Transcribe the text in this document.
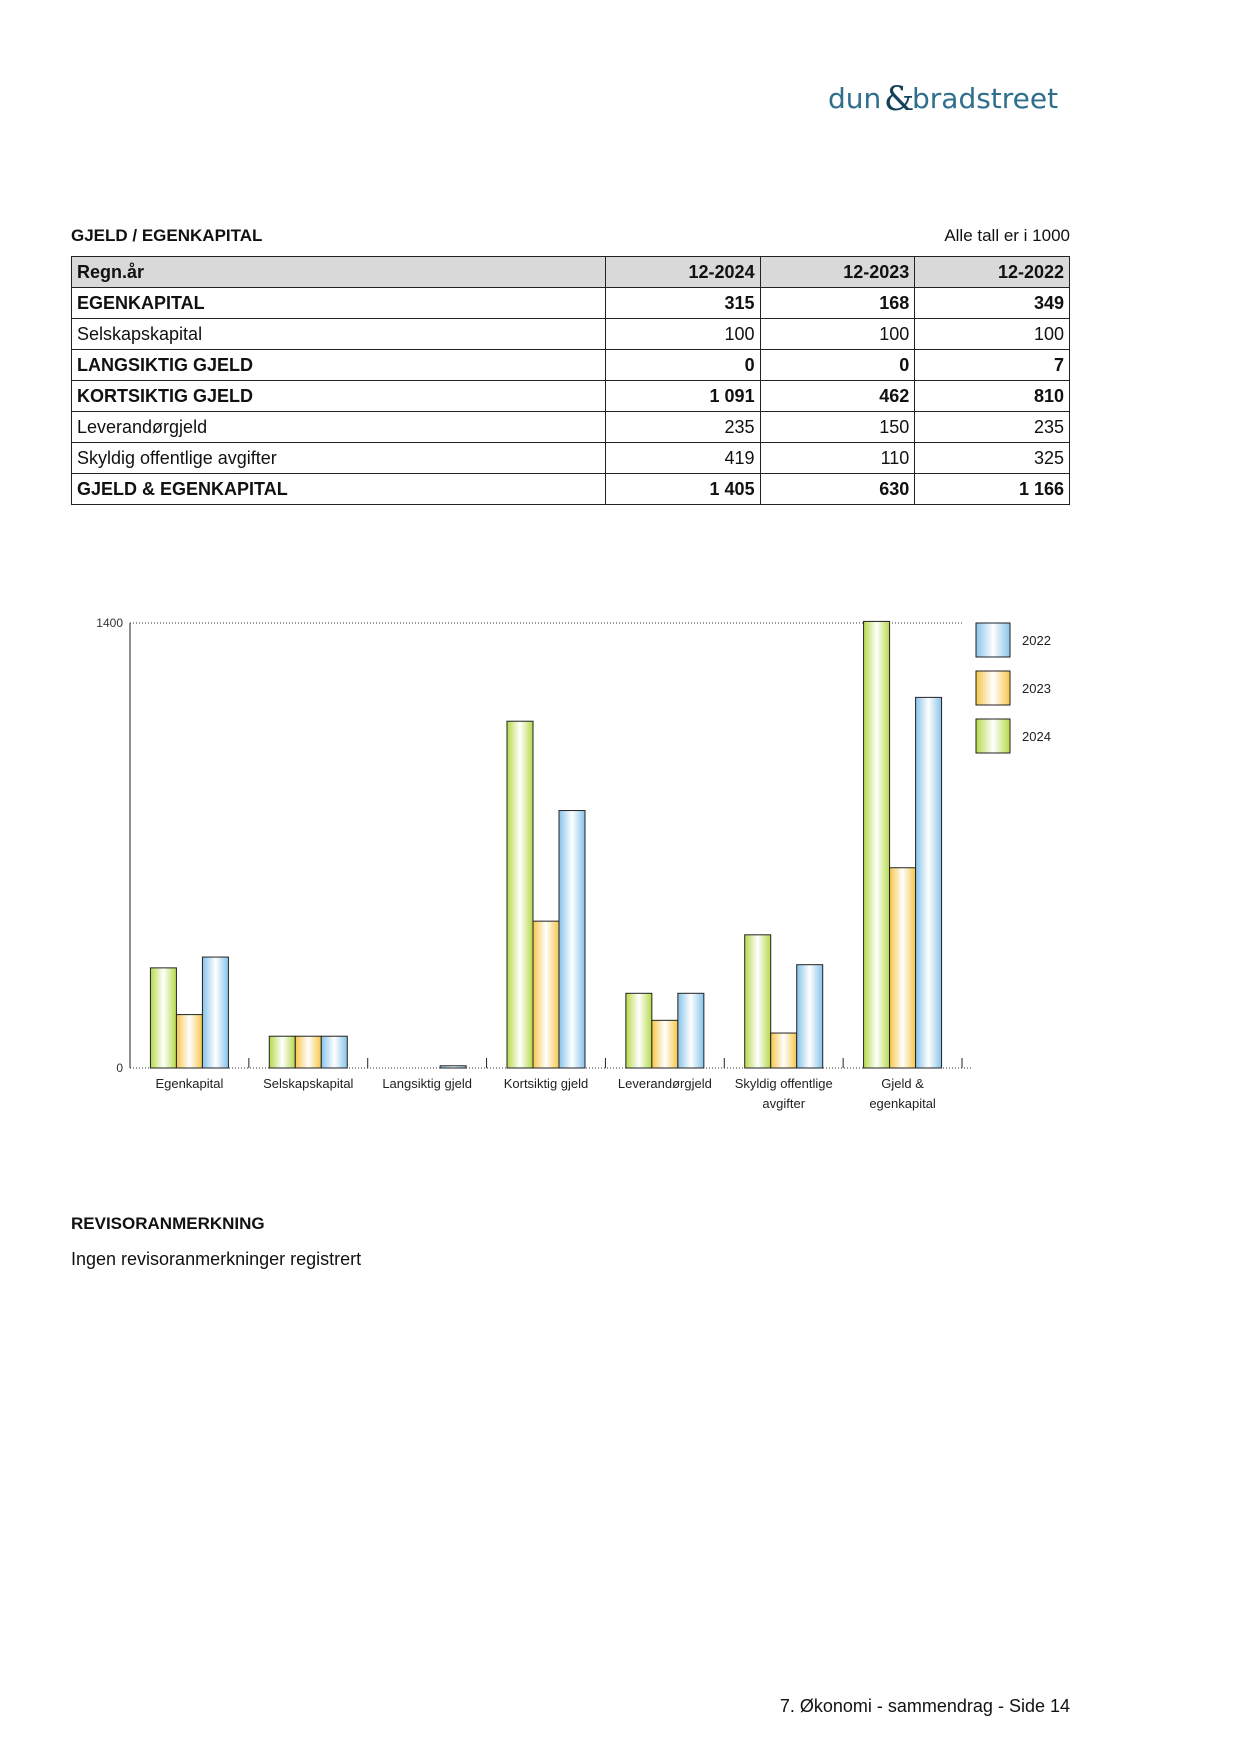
dun &
bradstreet
GJELD / EGENKAPITAL	Alle tall er i 1000
Regn.år	12-2024	12-2023	12-2022
EGENKAPITAL	315	168	349
Selskapskapital	100	100	100
LANGSIKTIG GJELD	0	0	7
KORTSIKTIG GJELD	1 091	462	810
Leverandørgjeld	235	150	235
Skyldig offentlige avgifter	419	110	325
GJELD & EGENKAPITAL	1 405	630	1 166
0
1400
Egenkapital	Selskapskapital Langsiktig gjeld Kortsiktig gjeld Leverandørgjeld Skyldig offentlige
avgifter
Gjeld &
egenkapital
2022
2023
2024
REVISORANMERKNING
Ingen revisoranmerkninger registrert
7. Økonomi - sammendrag - Side 14
